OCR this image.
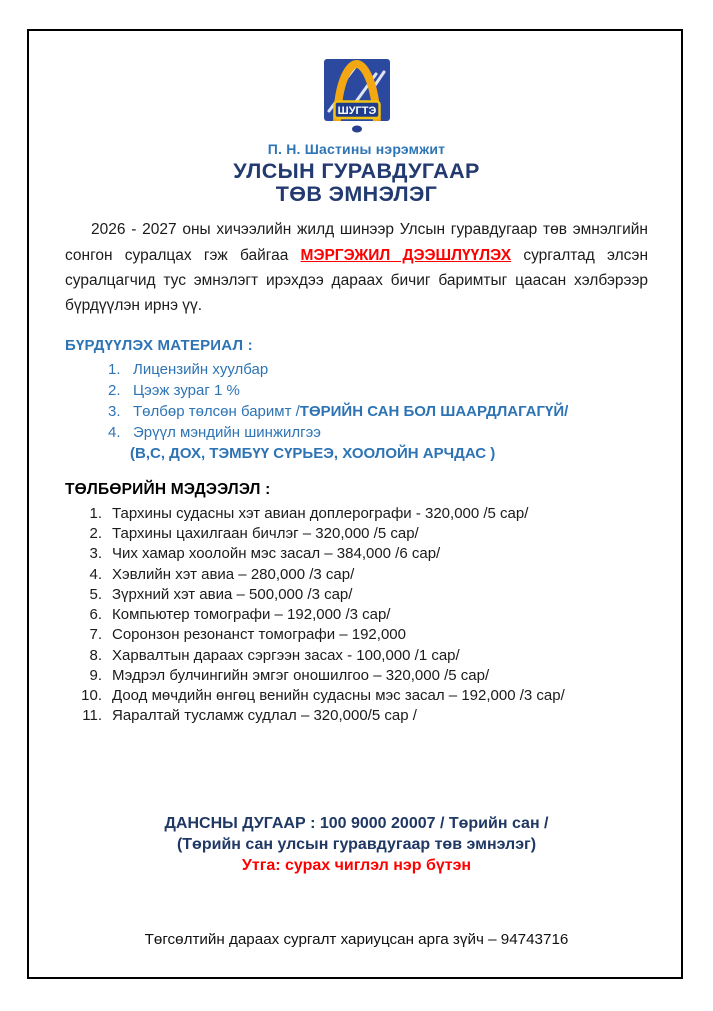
ШУГТЭ
П. Н. Шастины нэрэмжит
УЛСЫН ГУРАВДУГААР
ТӨВ ЭМНЭЛЭГ
2026 - 2027 оны хичээлийн жилд шинээр Улсын гуравдугаар төв эмнэлгийн сонгон суралцах гэж байгаа МЭРГЭЖИЛ ДЭЭШЛҮҮЛЭХ сургалтад элсэн суралцагчид тус эмнэлэгт ирэхдээ дараах бичиг баримтыг цаасан хэлбэрээр бүрдүүлэн ирнэ үү.
БҮРДҮҮЛЭХ МАТЕРИАЛ :
1. Лицензийн хуулбар
2. Цээж зураг 1 %
3. Төлбөр төлсөн баримт /ТӨРИЙН САН БОЛ ШААРДЛАГАГҮЙ/
4. Эрүүл мэндийн шинжилгээ
(В,С, ДОХ, ТЭМБҮҮ СҮРЬЕЭ, ХООЛОЙН АРЧДАС )
ТӨЛБӨРИЙН МЭДЭЭЛЭЛ :
1. Тархины судасны хэт авиан доплерографи - 320,000 /5 сар/
2. Тархины цахилгаан бичлэг – 320,000 /5 сар/
3. Чих хамар хоолойн мэс засал – 384,000 /6 сар/
4. Хэвлийн хэт авиа – 280,000 /3 сар/
5. Зүрхний хэт авиа – 500,000 /3 сар/
6. Компьютер томографи – 192,000 /3 сар/
7. Соронзон резонанст томографи – 192,000
8. Харвалтын дараах сэргээн засах - 100,000 /1 сар/
9. Мэдрэл булчингийн эмгэг оношилгоо – 320,000 /5 сар/
10. Доод мөчдийн өнгөц венийн судасны мэс засал – 192,000 /3 сар/
11. Яаралтай тусламж судлал – 320,000/5 сар /
ДАНСНЫ ДУГААР : 100 9000 20007 / Төрийн сан /
(Төрийн сан улсын гуравдугаар төв эмнэлэг)
Утга: сурах чиглэл нэр бүтэн
Төгсөлтийн дараах сургалт хариуцсан арга зүйч – 94743716
